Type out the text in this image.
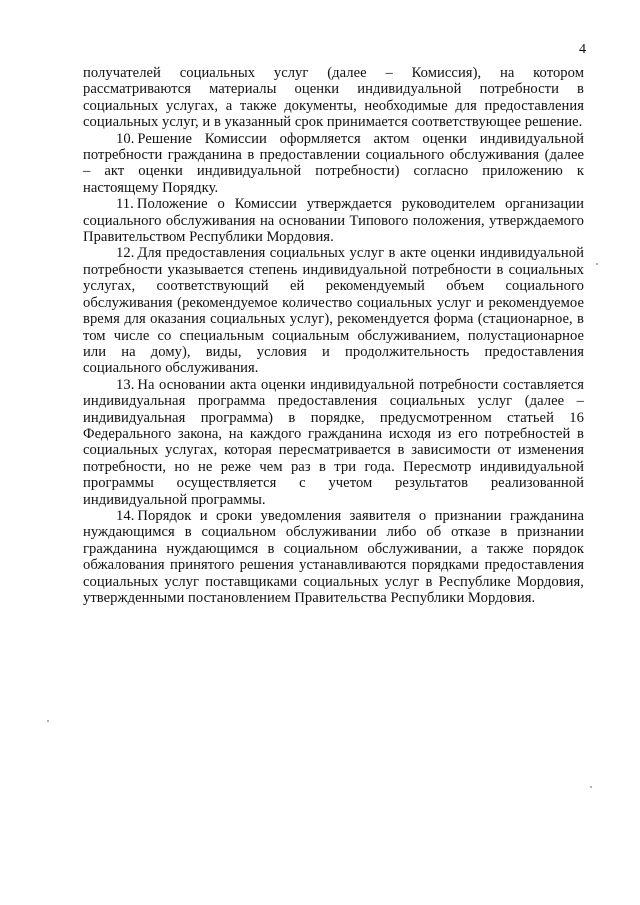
4

получателей социальных услуг (далее – Комиссия), на котором рассматриваются материалы оценки индивидуальной потребности в социальных услугах, а также документы, необходимые для предоставления социальных услуг, и в указанный срок принимается соответствующее решение.

10. Решение Комиссии оформляется актом оценки индивидуальной потребности гражданина в предоставлении социального обслуживания (далее – акт оценки индивидуальной потребности) согласно приложению к настоящему Порядку.

11. Положение о Комиссии утверждается руководителем организации социального обслуживания на основании Типового положения, утверждаемого Правительством Республики Мордовия.

12. Для предоставления социальных услуг в акте оценки индивидуальной потребности указывается степень индивидуальной потребности в социальных услугах, соответствующий ей рекомендуемый объем социального обслуживания (рекомендуемое количество социальных услуг и рекомендуемое время для оказания социальных услуг), рекомендуется форма (стационарное, в том числе со специальным социальным обслуживанием, полустационарное или на дому), виды, условия и продолжительность предоставления социального обслуживания.

13. На основании акта оценки индивидуальной потребности составляется индивидуальная программа предоставления социальных услуг (далее – индивидуальная программа) в порядке, предусмотренном статьей 16 Федерального закона, на каждого гражданина исходя из его потребностей в социальных услугах, которая пересматривается в зависимости от изменения потребности, но не реже чем раз в три года. Пересмотр индивидуальной программы осуществляется с учетом результатов реализованной индивидуальной программы.

14. Порядок и сроки уведомления заявителя о признании гражданина нуждающимся в социальном обслуживании либо об отказе в признании гражданина нуждающимся в социальном обслуживании, а также порядок обжалования принятого решения устанавливаются порядками предоставления социальных услуг поставщиками социальных услуг в Республике Мордовия, утвержденными постановлением Правительства Республики Мордовия.
